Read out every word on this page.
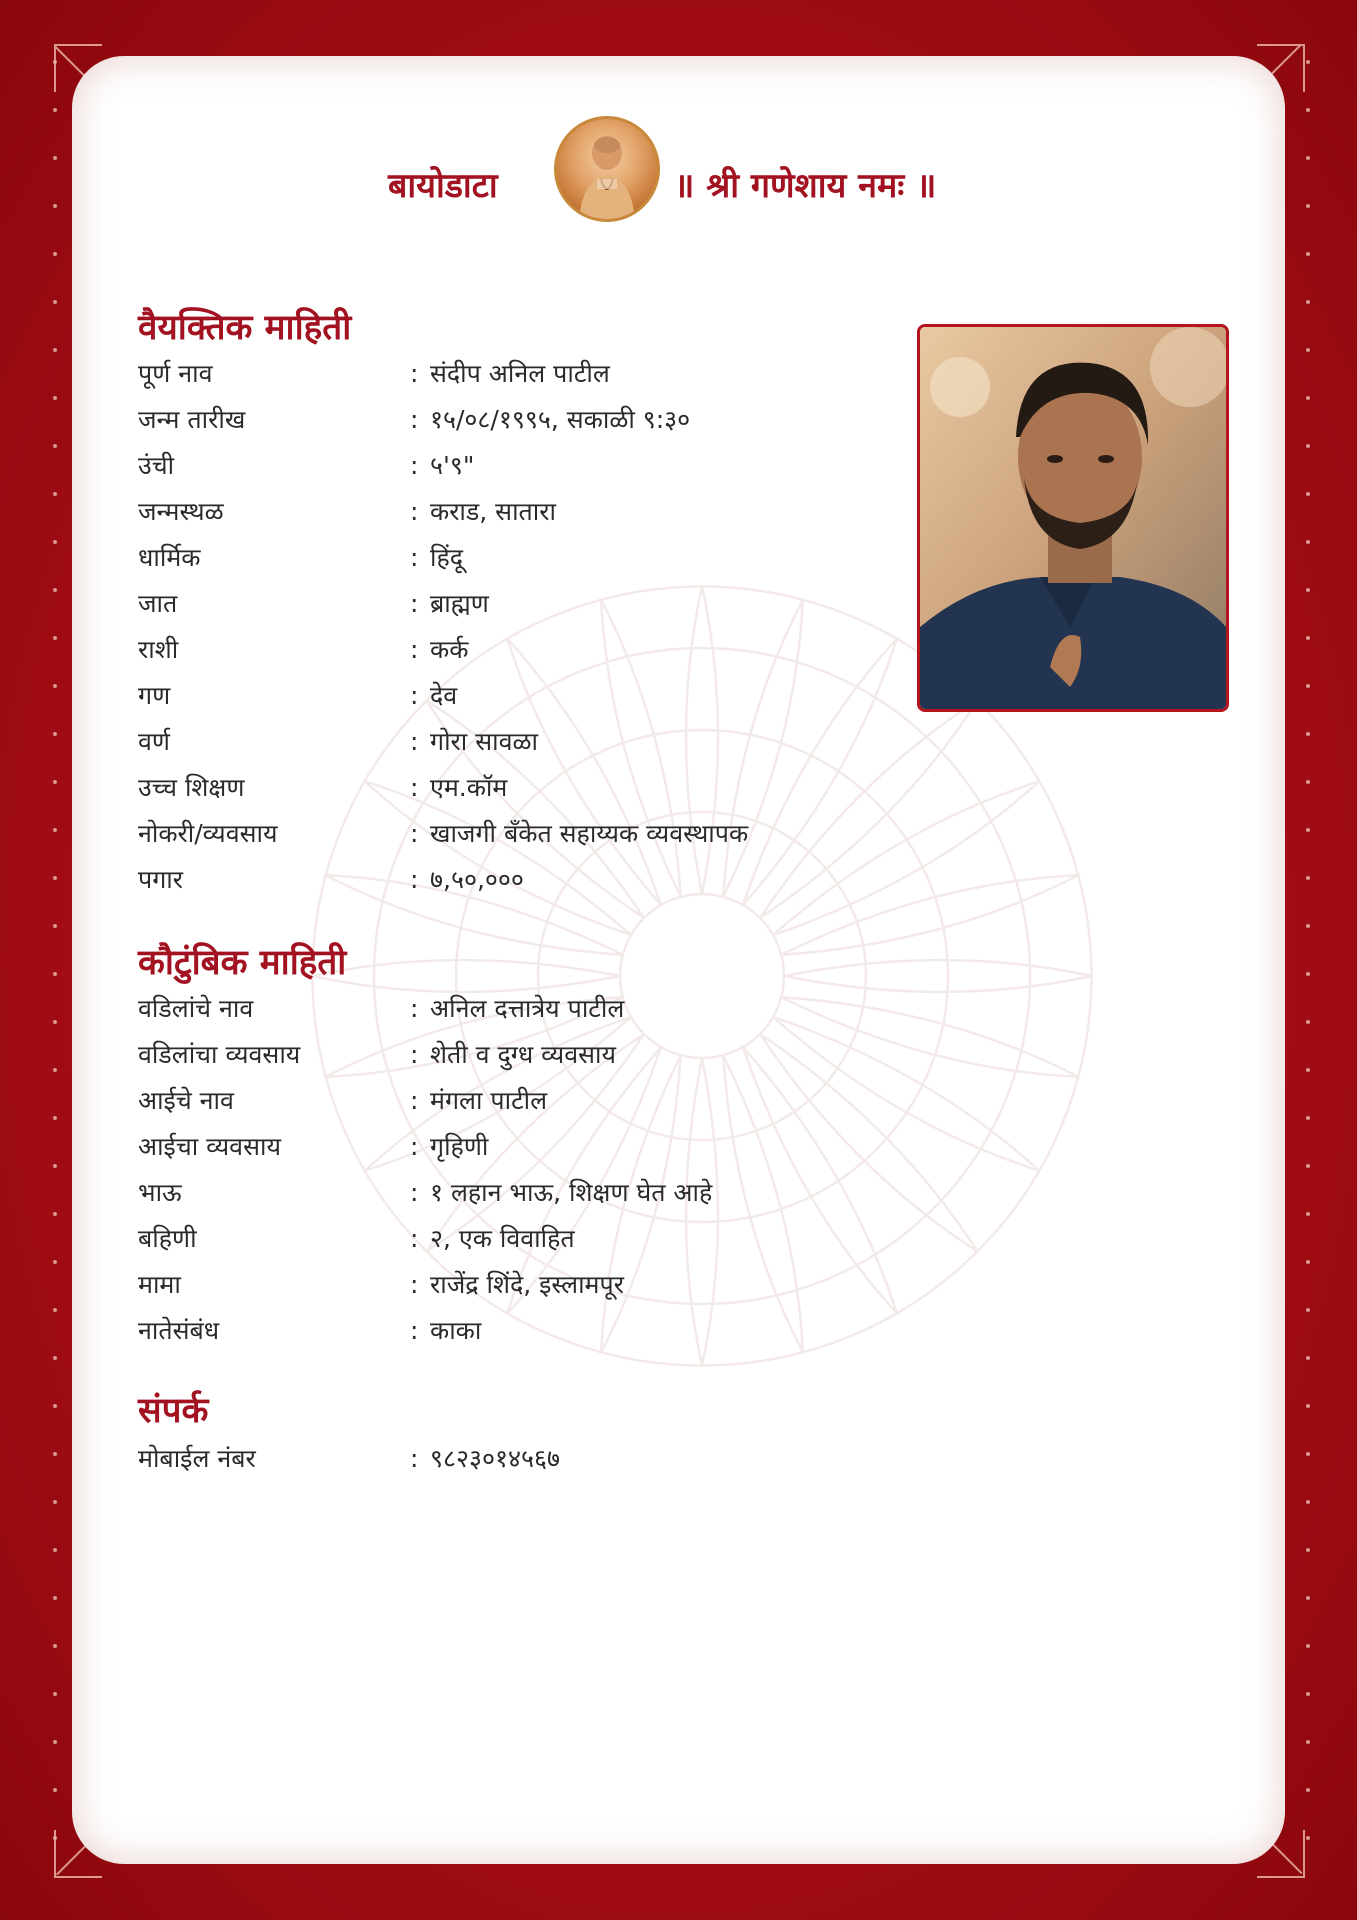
बायोडाटा	॥ श्री गणेशाय नमः ॥
वैयक्तिक माहिती
पूर्ण नाव	: संदीप अनिल पाटील
जन्म तारीख	: १५/०८/१९९५, सकाळी ९:३०
उंची	: ५'९"
जन्मस्थळ	: कराड, सातारा
धार्मिक	: हिंदू
जात	: ब्राह्मण
राशी	: कर्क
गण	: देव
वर्ण	: गोरा सावळा
उच्च शिक्षण	: एम.कॉम
नोकरी/व्यवसाय	: खाजगी बँकेत सहाय्यक व्यवस्थापक
पगार	: ७,५०,०००
कौटुंबिक माहिती
वडिलांचे नाव	: अनिल दत्तात्रेय पाटील
वडिलांचा व्यवसाय	: शेती व दुग्ध व्यवसाय
आईचे नाव	: मंगला पाटील
आईचा व्यवसाय	: गृहिणी
भाऊ	: १ लहान भाऊ, शिक्षण घेत आहे
बहिणी	: २, एक विवाहित
मामा	: राजेंद्र शिंदे, इस्लामपूर
नातेसंबंध	: काका
संपर्क
मोबाईल नंबर	: ९८२३०१४५६७
